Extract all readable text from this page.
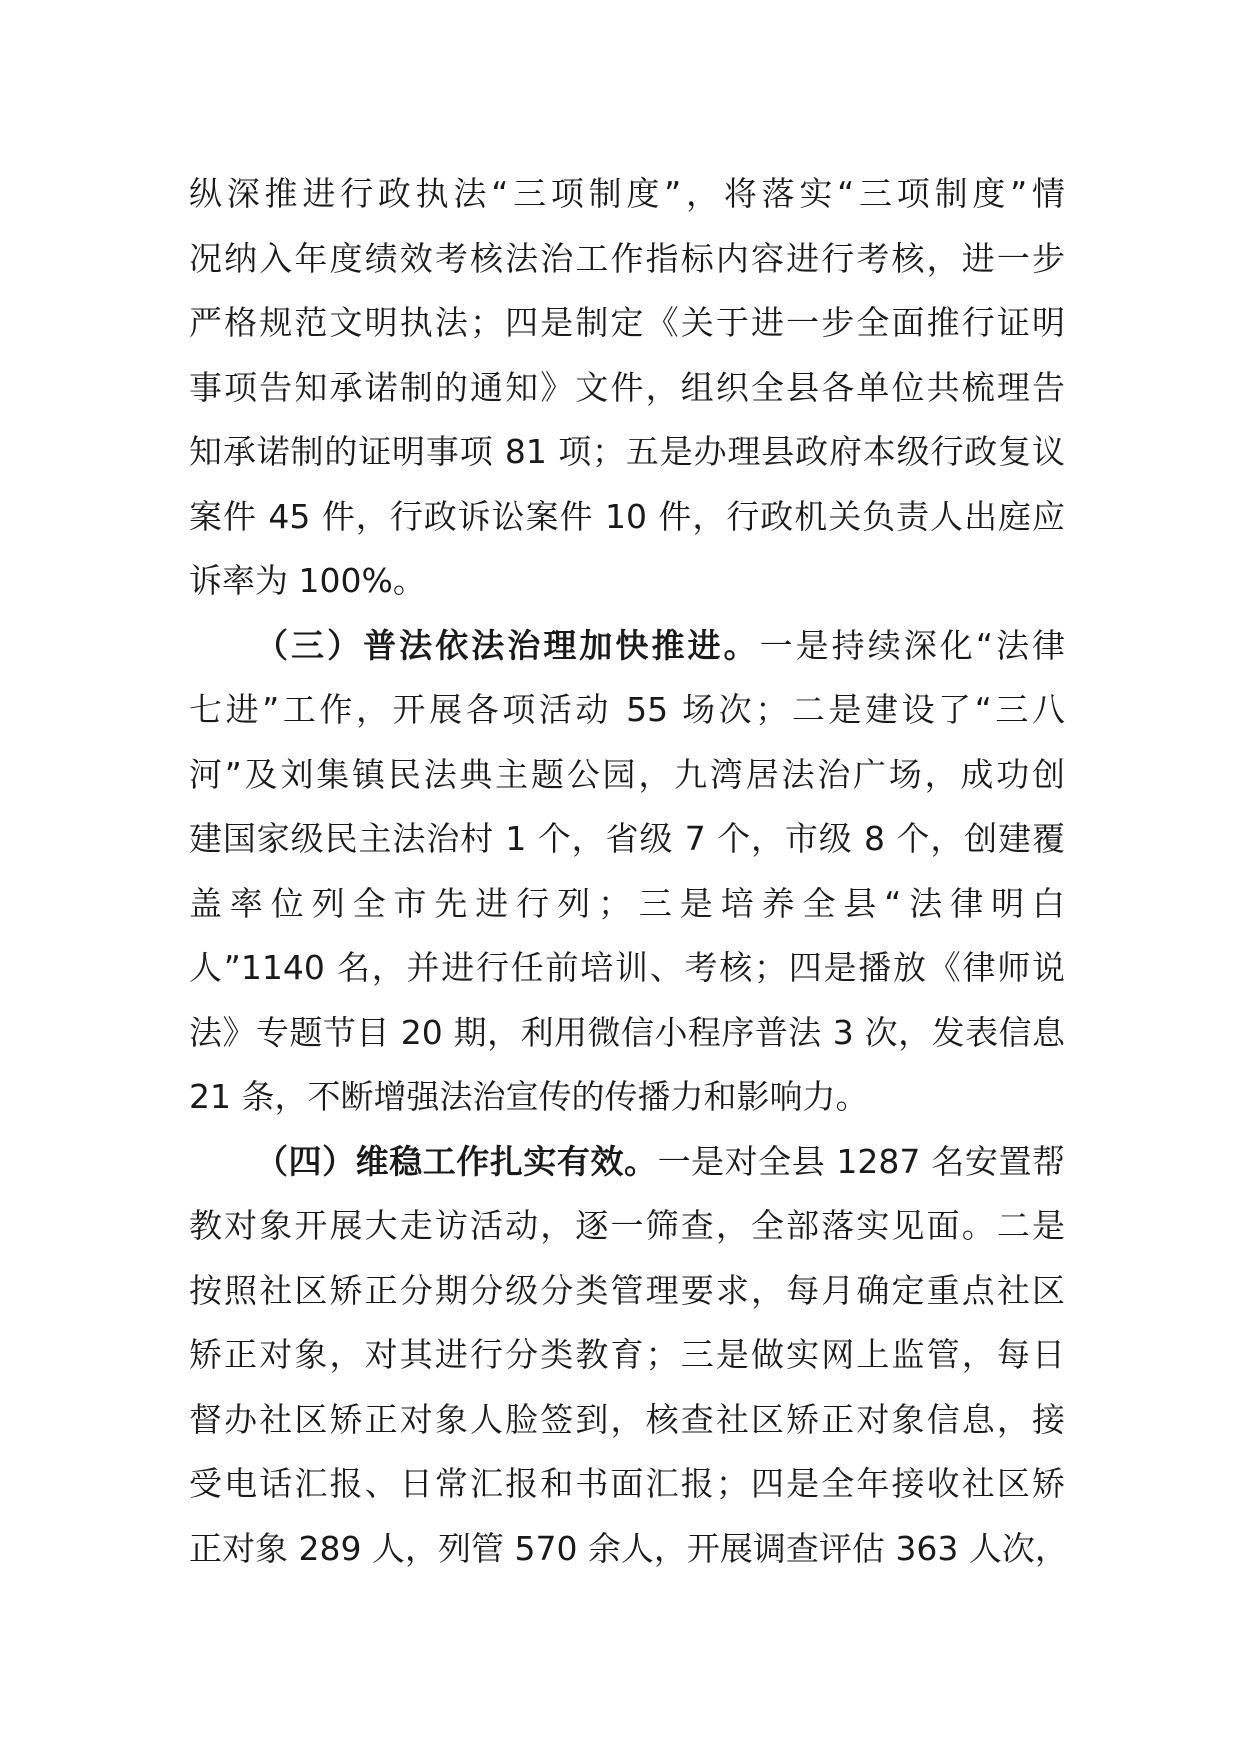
纵深推进行政执法“三项制度”，将落实“三项制度”情
况纳入年度绩效考核法治工作指标内容进行考核，进一步
严格规范文明执法；四是制定《关于进一步全面推行证明
事项告知承诺制的通知》文件，组织全县各单位共梳理告
知承诺制的证明事项 81 项；五是办理县政府本级行政复议
案件 45 件，行政诉讼案件 10 件，行政机关负责人出庭应
诉率为 100%。
（三）普法依法治理加快推进。一是持续深化“法律
七进”工作，开展各项活动 55 场次；二是建设了“三八
河”及刘集镇民法典主题公园，九湾居法治广场，成功创
建国家级民主法治村 1 个，省级 7 个，市级 8 个，创建覆
盖率位列全市先进行列；三是培养全县“法律明白
人”1140 名，并进行任前培训、考核；四是播放《律师说
法》专题节目 20 期，利用微信小程序普法 3 次，发表信息
21 条，不断增强法治宣传的传播力和影响力。
（四）维稳工作扎实有效。一是对全县 1287 名安置帮
教对象开展大走访活动，逐一筛查，全部落实见面。二是
按照社区矫正分期分级分类管理要求，每月确定重点社区
矫正对象，对其进行分类教育；三是做实网上监管，每日
督办社区矫正对象人脸签到，核查社区矫正对象信息，接
受电话汇报、日常汇报和书面汇报；四是全年接收社区矫
正对象 289 人，列管 570 余人，开展调查评估 363 人次，
